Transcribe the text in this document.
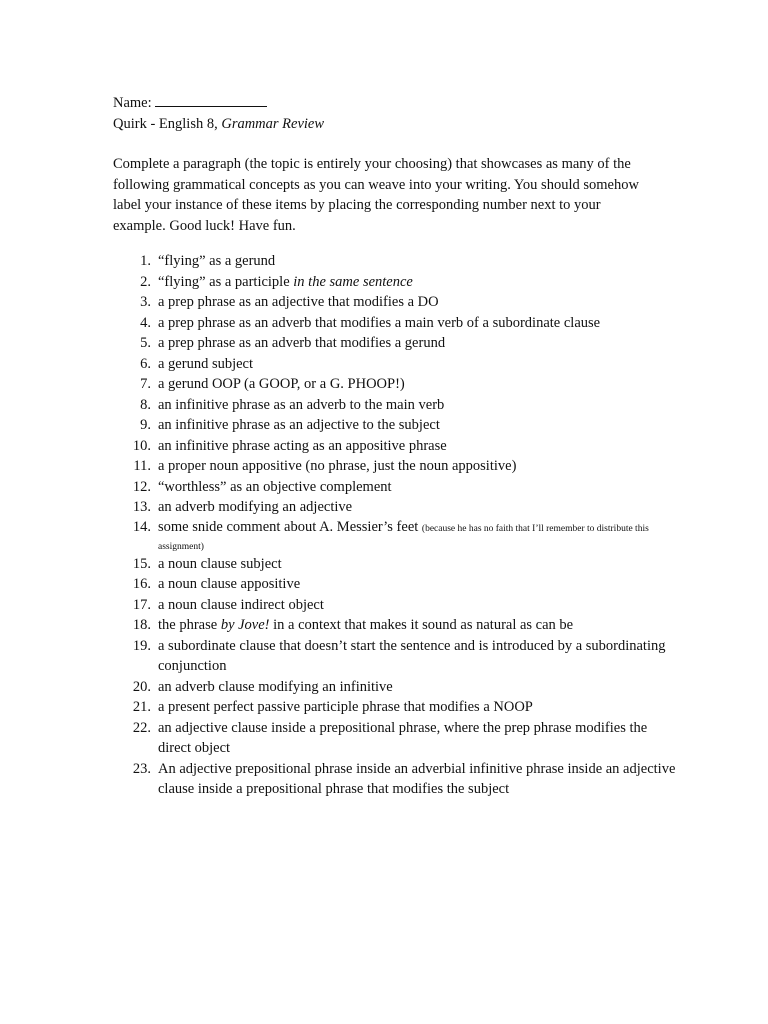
Name:

Quirk - English 8, Grammar Review

Complete a paragraph (the topic is entirely your choosing) that showcases as many of the following grammatical concepts as you can weave into your writing. You should somehow label your instance of these items by placing the corresponding number next to your example. Good luck! Have fun.

1. “flying” as a gerund
2. “flying” as a participle in the same sentence
3. a prep phrase as an adjective that modifies a DO
4. a prep phrase as an adverb that modifies a main verb of a subordinate clause
5. a prep phrase as an adverb that modifies a gerund
6. a gerund subject
7. a gerund OOP (a GOOP, or a G. PHOOP!)
8. an infinitive phrase as an adverb to the main verb
9. an infinitive phrase as an adjective to the subject
10. an infinitive phrase acting as an appositive phrase
11. a proper noun appositive (no phrase, just the noun appositive)
12. “worthless” as an objective complement
13. an adverb modifying an adjective
14. some snide comment about A. Messier’s feet (because he has no faith that I’ll remember to distribute this assignment)
15. a noun clause subject
16. a noun clause appositive
17. a noun clause indirect object
18. the phrase by Jove! in a context that makes it sound as natural as can be
19. a subordinate clause that doesn’t start the sentence and is introduced by a subordinating conjunction
20. an adverb clause modifying an infinitive
21. a present perfect passive participle phrase that modifies a NOOP
22. an adjective clause inside a prepositional phrase, where the prep phrase modifies the direct object
23. An adjective prepositional phrase inside an adverbial infinitive phrase inside an adjective clause inside a prepositional phrase that modifies the subject
